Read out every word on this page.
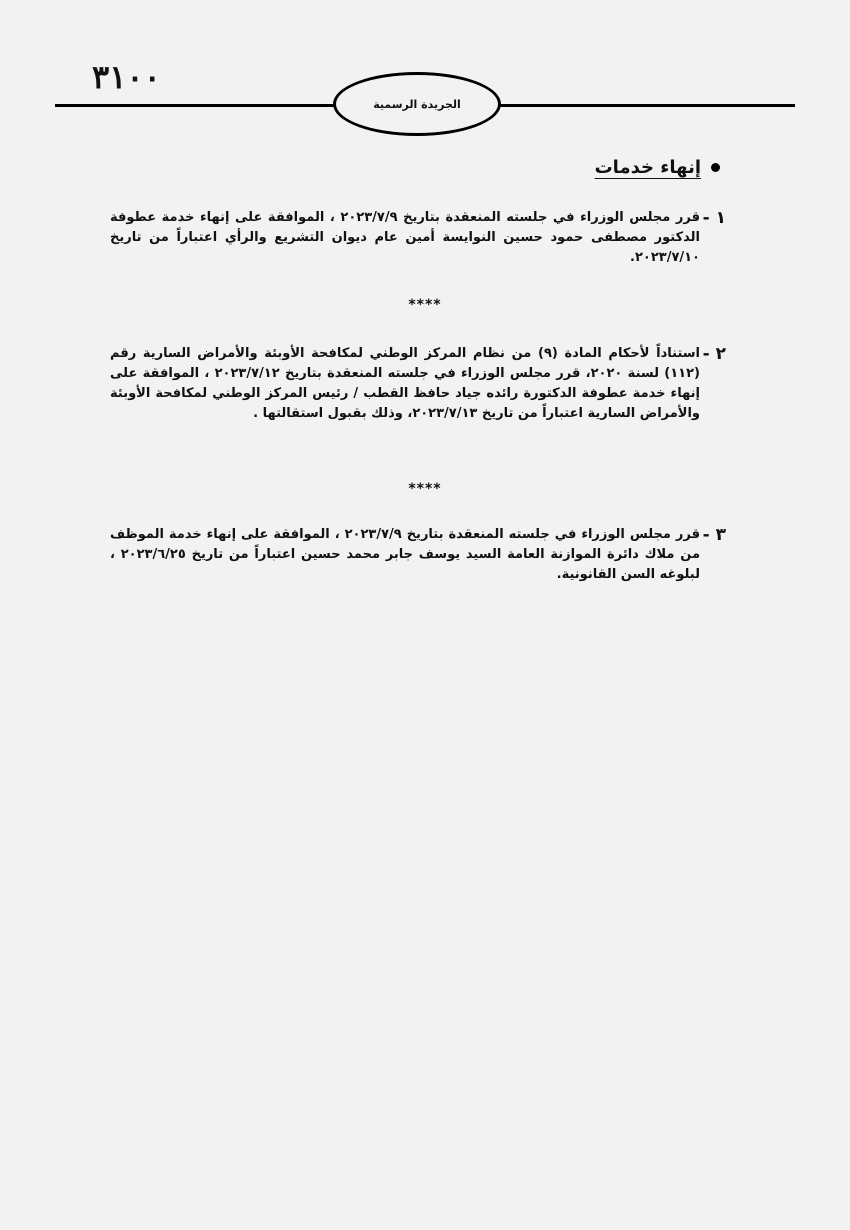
٣١٠٠
الجريدة الرسمية
إنهاء خدمات
١ -

قرر مجلس الوزراء في جلسته المنعقدة بتاريخ ٢٠٢٣/٧/٩ ، الموافقة على إنهاء خدمة عطوفة الدكتور مصطفى حمود حسين النوايسة أمين عام ديوان التشريع والرأي اعتباراً من تاريخ ٢٠٢٣/٧/١٠.

****
٢ -

استناداً لأحكام المادة (٩) من نظام المركز الوطني لمكافحة الأوبئة والأمراض السارية رقم (١١٢) لسنة ٢٠٢٠، قرر مجلس الوزراء في جلسته المنعقدة بتاريخ ٢٠٢٣/٧/١٢ ، الموافقة على إنهاء خدمة عطوفة الدكتورة رائده جياد حافظ القطب / رئيس المركز الوطني لمكافحة الأوبئة والأمراض السارية اعتباراً من تاريخ ٢٠٢٣/٧/١٣، وذلك بقبول استقالتها .

****
٣ -

قرر مجلس الوزراء في جلسته المنعقدة بتاريخ ٢٠٢٣/٧/٩ ، الموافقة على إنهاء خدمة الموظف من ملاك دائرة الموازنة العامة السيد يوسف جابر محمد حسين اعتباراً من تاريخ ٢٠٢٣/٦/٢٥ ، لبلوغه السن القانونية.
